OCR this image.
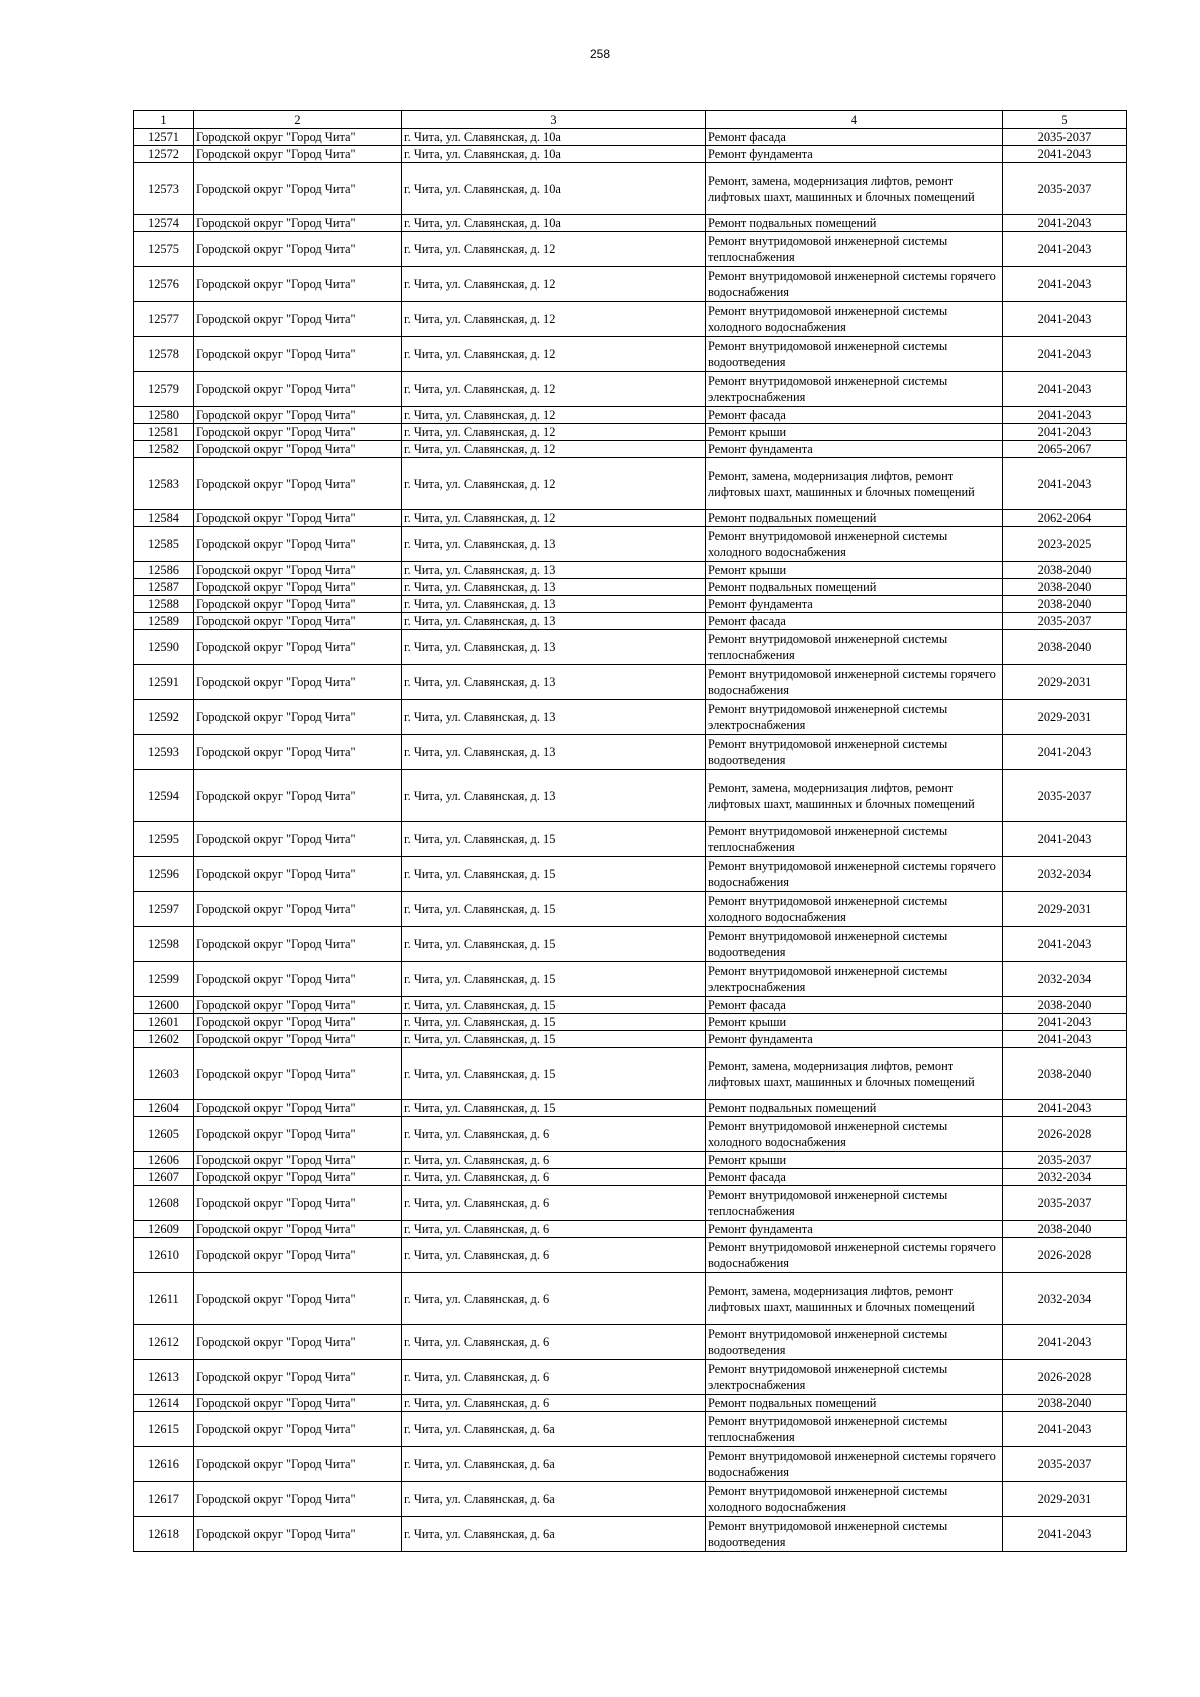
258
1	2	3	4	5
12571	Городской округ "Город Чита"	г. Чита, ул. Славянская, д. 10а	Ремонт фасада	2035-2037
12572	Городской округ "Город Чита"	г. Чита, ул. Славянская, д. 10а	Ремонт фундамента	2041-2043
12573	Городской округ "Город Чита"	г. Чита, ул. Славянская, д. 10а	Ремонт, замена, модернизация лифтов, ремонт лифтовых шахт, машинных и блочных помещений	2035-2037
12574	Городской округ "Город Чита"	г. Чита, ул. Славянская, д. 10а	Ремонт подвальных помещений	2041-2043
12575	Городской округ "Город Чита"	г. Чита, ул. Славянская, д. 12	Ремонт внутридомовой инженерной системы теплоснабжения	2041-2043
12576	Городской округ "Город Чита"	г. Чита, ул. Славянская, д. 12	Ремонт внутридомовой инженерной системы горячего водоснабжения	2041-2043
12577	Городской округ "Город Чита"	г. Чита, ул. Славянская, д. 12	Ремонт внутридомовой инженерной системы холодного водоснабжения	2041-2043
12578	Городской округ "Город Чита"	г. Чита, ул. Славянская, д. 12	Ремонт внутридомовой инженерной системы водоотведения	2041-2043
12579	Городской округ "Город Чита"	г. Чита, ул. Славянская, д. 12	Ремонт внутридомовой инженерной системы электроснабжения	2041-2043
12580	Городской округ "Город Чита"	г. Чита, ул. Славянская, д. 12	Ремонт фасада	2041-2043
12581	Городской округ "Город Чита"	г. Чита, ул. Славянская, д. 12	Ремонт крыши	2041-2043
12582	Городской округ "Город Чита"	г. Чита, ул. Славянская, д. 12	Ремонт фундамента	2065-2067
12583	Городской округ "Город Чита"	г. Чита, ул. Славянская, д. 12	Ремонт, замена, модернизация лифтов, ремонт лифтовых шахт, машинных и блочных помещений	2041-2043
12584	Городской округ "Город Чита"	г. Чита, ул. Славянская, д. 12	Ремонт подвальных помещений	2062-2064
12585	Городской округ "Город Чита"	г. Чита, ул. Славянская, д. 13	Ремонт внутридомовой инженерной системы холодного водоснабжения	2023-2025
12586	Городской округ "Город Чита"	г. Чита, ул. Славянская, д. 13	Ремонт крыши	2038-2040
12587	Городской округ "Город Чита"	г. Чита, ул. Славянская, д. 13	Ремонт подвальных помещений	2038-2040
12588	Городской округ "Город Чита"	г. Чита, ул. Славянская, д. 13	Ремонт фундамента	2038-2040
12589	Городской округ "Город Чита"	г. Чита, ул. Славянская, д. 13	Ремонт фасада	2035-2037
12590	Городской округ "Город Чита"	г. Чита, ул. Славянская, д. 13	Ремонт внутридомовой инженерной системы теплоснабжения	2038-2040
12591	Городской округ "Город Чита"	г. Чита, ул. Славянская, д. 13	Ремонт внутридомовой инженерной системы горячего водоснабжения	2029-2031
12592	Городской округ "Город Чита"	г. Чита, ул. Славянская, д. 13	Ремонт внутридомовой инженерной системы электроснабжения	2029-2031
12593	Городской округ "Город Чита"	г. Чита, ул. Славянская, д. 13	Ремонт внутридомовой инженерной системы водоотведения	2041-2043
12594	Городской округ "Город Чита"	г. Чита, ул. Славянская, д. 13	Ремонт, замена, модернизация лифтов, ремонт лифтовых шахт, машинных и блочных помещений	2035-2037
12595	Городской округ "Город Чита"	г. Чита, ул. Славянская, д. 15	Ремонт внутридомовой инженерной системы теплоснабжения	2041-2043
12596	Городской округ "Город Чита"	г. Чита, ул. Славянская, д. 15	Ремонт внутридомовой инженерной системы горячего водоснабжения	2032-2034
12597	Городской округ "Город Чита"	г. Чита, ул. Славянская, д. 15	Ремонт внутридомовой инженерной системы холодного водоснабжения	2029-2031
12598	Городской округ "Город Чита"	г. Чита, ул. Славянская, д. 15	Ремонт внутридомовой инженерной системы водоотведения	2041-2043
12599	Городской округ "Город Чита"	г. Чита, ул. Славянская, д. 15	Ремонт внутридомовой инженерной системы электроснабжения	2032-2034
12600	Городской округ "Город Чита"	г. Чита, ул. Славянская, д. 15	Ремонт фасада	2038-2040
12601	Городской округ "Город Чита"	г. Чита, ул. Славянская, д. 15	Ремонт крыши	2041-2043
12602	Городской округ "Город Чита"	г. Чита, ул. Славянская, д. 15	Ремонт фундамента	2041-2043
12603	Городской округ "Город Чита"	г. Чита, ул. Славянская, д. 15	Ремонт, замена, модернизация лифтов, ремонт лифтовых шахт, машинных и блочных помещений	2038-2040
12604	Городской округ "Город Чита"	г. Чита, ул. Славянская, д. 15	Ремонт подвальных помещений	2041-2043
12605	Городской округ "Город Чита"	г. Чита, ул. Славянская, д. 6	Ремонт внутридомовой инженерной системы холодного водоснабжения	2026-2028
12606	Городской округ "Город Чита"	г. Чита, ул. Славянская, д. 6	Ремонт крыши	2035-2037
12607	Городской округ "Город Чита"	г. Чита, ул. Славянская, д. 6	Ремонт фасада	2032-2034
12608	Городской округ "Город Чита"	г. Чита, ул. Славянская, д. 6	Ремонт внутридомовой инженерной системы теплоснабжения	2035-2037
12609	Городской округ "Город Чита"	г. Чита, ул. Славянская, д. 6	Ремонт фундамента	2038-2040
12610	Городской округ "Город Чита"	г. Чита, ул. Славянская, д. 6	Ремонт внутридомовой инженерной системы горячего водоснабжения	2026-2028
12611	Городской округ "Город Чита"	г. Чита, ул. Славянская, д. 6	Ремонт, замена, модернизация лифтов, ремонт лифтовых шахт, машинных и блочных помещений	2032-2034
12612	Городской округ "Город Чита"	г. Чита, ул. Славянская, д. 6	Ремонт внутридомовой инженерной системы водоотведения	2041-2043
12613	Городской округ "Город Чита"	г. Чита, ул. Славянская, д. 6	Ремонт внутридомовой инженерной системы электроснабжения	2026-2028
12614	Городской округ "Город Чита"	г. Чита, ул. Славянская, д. 6	Ремонт подвальных помещений	2038-2040
12615	Городской округ "Город Чита"	г. Чита, ул. Славянская, д. 6а	Ремонт внутридомовой инженерной системы теплоснабжения	2041-2043
12616	Городской округ "Город Чита"	г. Чита, ул. Славянская, д. 6а	Ремонт внутридомовой инженерной системы горячего водоснабжения	2035-2037
12617	Городской округ "Город Чита"	г. Чита, ул. Славянская, д. 6а	Ремонт внутридомовой инженерной системы холодного водоснабжения	2029-2031
12618	Городской округ "Город Чита"	г. Чита, ул. Славянская, д. 6а	Ремонт внутридомовой инженерной системы водоотведения	2041-2043
